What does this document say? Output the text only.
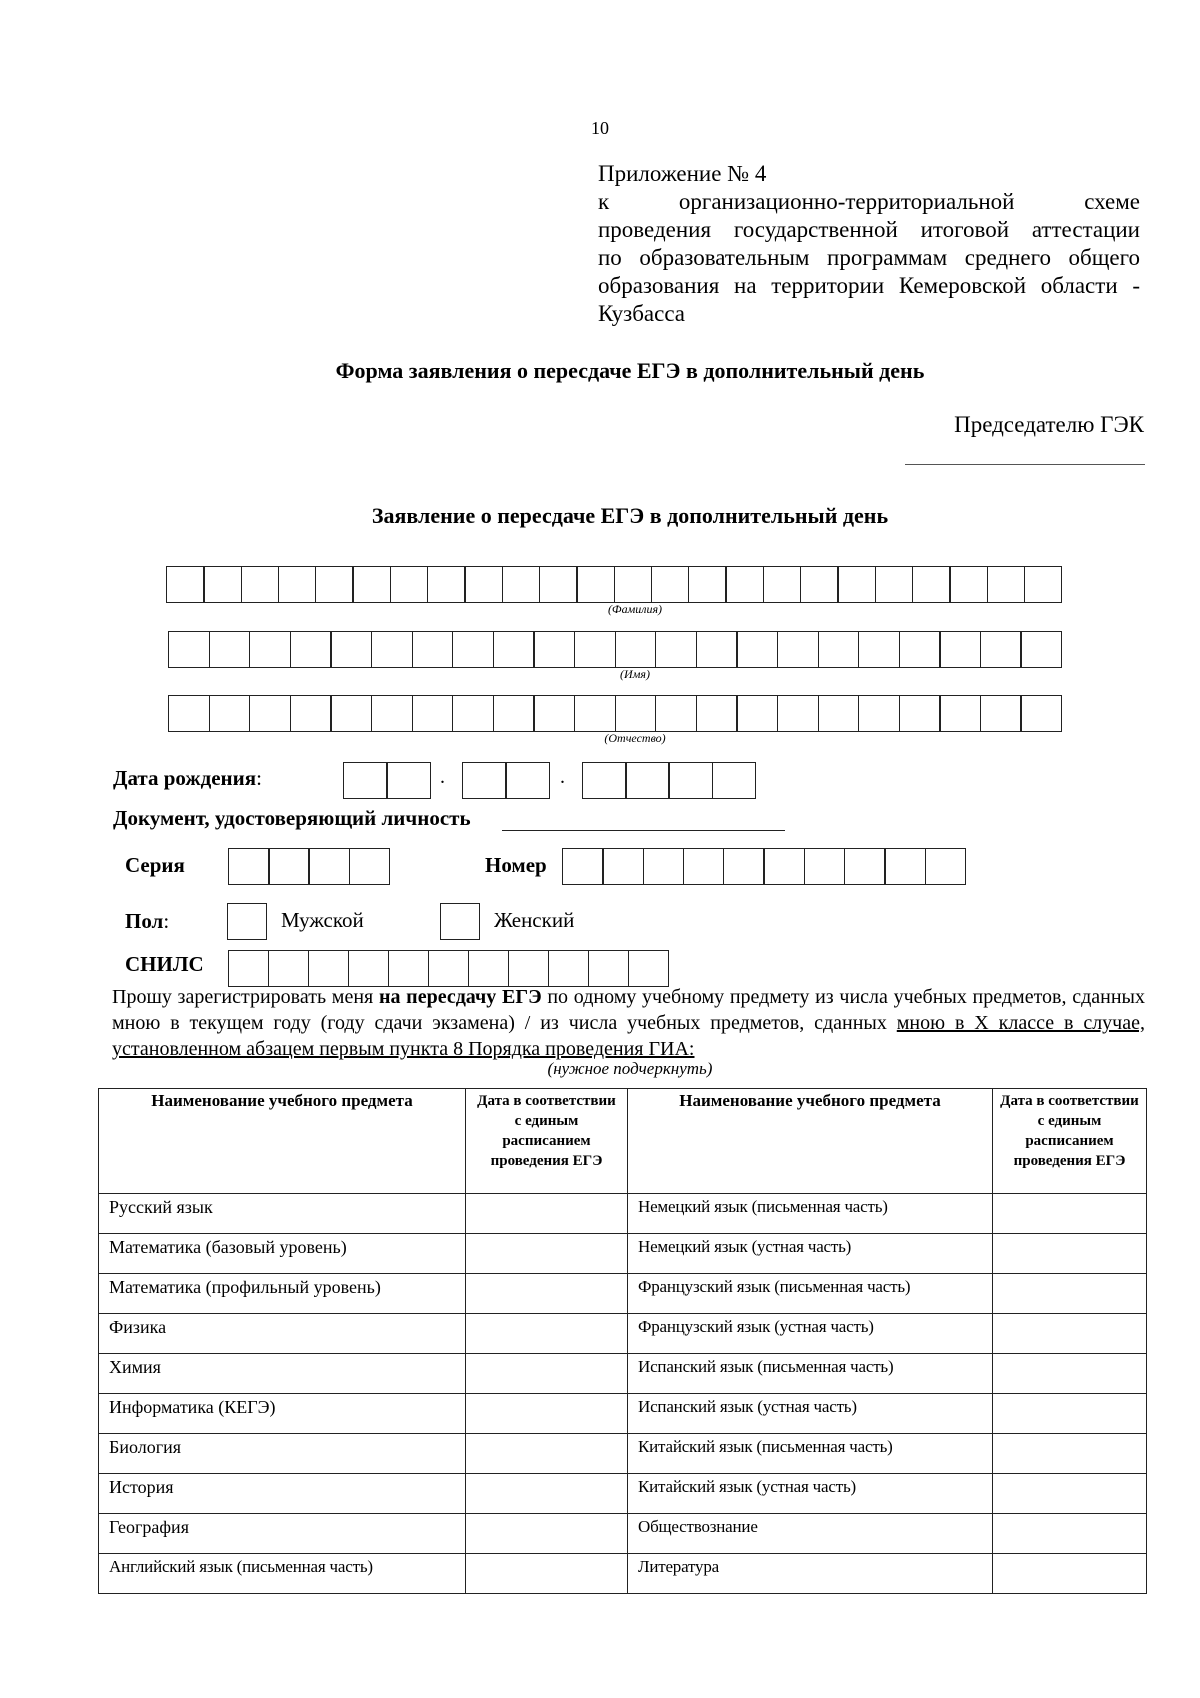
10
Приложение № 4
к	организационно-территориальной	схеме
проведения государственной итоговой аттестации
по образовательным программам среднего общего
образования на территории Кемеровской области -
Кузбасса
Форма заявления о пересдаче ЕГЭ в дополнительный день
Председателю ГЭК
Заявление о пересдаче ЕГЭ в дополнительный день
(Фамилия)
(Имя)
(Отчество)
Дата рождения:	.	.
Документ, удостоверяющий личность
Серия	Номер
Пол:	Мужской	Женский
СНИЛС
Прошу зарегистрировать меня на пересдачу ЕГЭ по одному учебному предмету из числа учебных предметов, сданных мною в текущем году (году сдачи экзамена) / из числа учебных предметов, сданных мною в X классе в случае, установленном абзацем первым пункта 8 Порядка проведения ГИА:
(нужное подчеркнуть)
Наименование учебного предмета	Дата в соответствии с единым расписанием проведения ЕГЭ	Наименование учебного предмета	Дата в соответствии с единым расписанием проведения ЕГЭ
Русский язык		Немецкий язык (письменная часть)	
Математика (базовый уровень)		Немецкий язык (устная часть)	
Математика (профильный уровень)		Французский язык (письменная часть)	
Физика		Французский язык (устная часть)	
Химия		Испанский язык (письменная часть)	
Информатика (КЕГЭ)		Испанский язык (устная часть)	
Биология		Китайский язык (письменная часть)	
История		Китайский язык (устная часть)	
География		Обществознание	
Английский язык (письменная часть)		Литература	
